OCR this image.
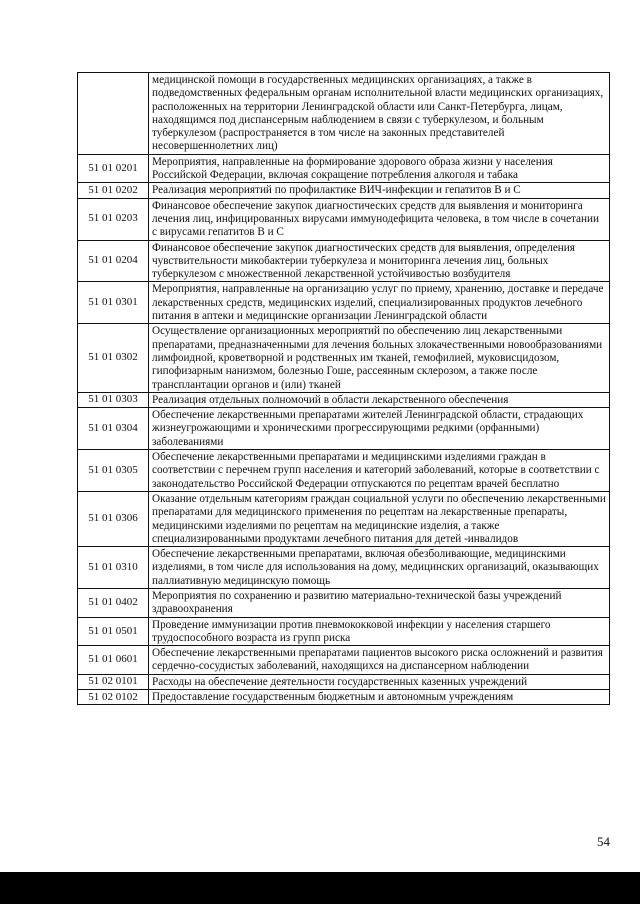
	медицинской помощи в государственных медицинских организациях, а также в подведомственных федеральным органам исполнительной власти медицинских организациях, расположенных на территории Ленинградской области или Санкт-Петербурга, лицам, находящимся под диспансерным наблюдением в связи с туберкулезом, и больным туберкулезом (распространяется в том числе на законных представителей несовершеннолетних лиц)
51 01 0201	Мероприятия, направленные на формирование здорового образа жизни у населения Российской Федерации, включая сокращение потребления алкоголя и табака
51 01 0202	Реализация мероприятий по профилактике ВИЧ-инфекции и гепатитов В и С
51 01 0203	Финансовое обеспечение закупок диагностических средств для выявления и мониторинга лечения лиц, инфицированных вирусами иммунодефицита человека, в том числе в сочетании с вирусами гепатитов В и С
51 01 0204	Финансовое обеспечение закупок диагностических средств для выявления, определения чувствительности микобактерии туберкулеза и мониторинга лечения лиц, больных туберкулезом с множественной лекарственной устойчивостью возбудителя
51 01 0301	Мероприятия, направленные на организацию услуг по приему, хранению, доставке и передаче лекарственных средств, медицинских изделий, специализированных продуктов лечебного питания в аптеки и медицинские организации Ленинградской области
51 01 0302	Осуществление организационных мероприятий по обеспечению лиц лекарственными препаратами, предназначенными для лечения больных злокачественными новообразованиями лимфоидной, кроветворной и родственных им тканей, гемофилией, муковисцидозом, гипофизарным нанизмом, болезнью Гоше, рассеянным склерозом, а также после трансплантации органов и (или) тканей
51 01 0303	Реализация отдельных полномочий в области лекарственного обеспечения
51 01 0304	Обеспечение лекарственными препаратами жителей Ленинградской области, страдающих жизнеугрожающими и хроническими прогрессирующими редкими (орфанными) заболеваниями
51 01 0305	Обеспечение лекарственными препаратами и медицинскими изделиями граждан в соответствии с перечнем групп населения и категорий заболеваний, которые в соответствии с законодательство Российской Федерации отпускаются по рецептам врачей бесплатно
51 01 0306	Оказание отдельным категориям граждан социальной услуги по обеспечению лекарственными препаратами для медицинского применения по рецептам на лекарственные препараты, медицинскими изделиями по рецептам на медицинские изделия, а также специализированными продуктами лечебного питания для детей -инвалидов
51 01 0310	Обеспечение лекарственными препаратами, включая обезболивающие, медицинскими изделиями, в том числе для использования на дому, медицинских организаций, оказывающих паллиативную медицинскую помощь
51 01 0402	Мероприятия по сохранению и развитию материально-технической базы учреждений здравоохранения
51 01 0501	Проведение иммунизации против пневмококковой инфекции у населения старшего трудоспособного возраста из групп риска
51 01 0601	Обеспечение лекарственными препаратами пациентов высокого риска осложнений и развития сердечно-сосудистых заболеваний, находящихся на диспансерном наблюдении
51 02 0101	Расходы на обеспечение деятельности государственных казенных учреждений
51 02 0102	Предоставление государственным бюджетным и автономным учреждениям
54
